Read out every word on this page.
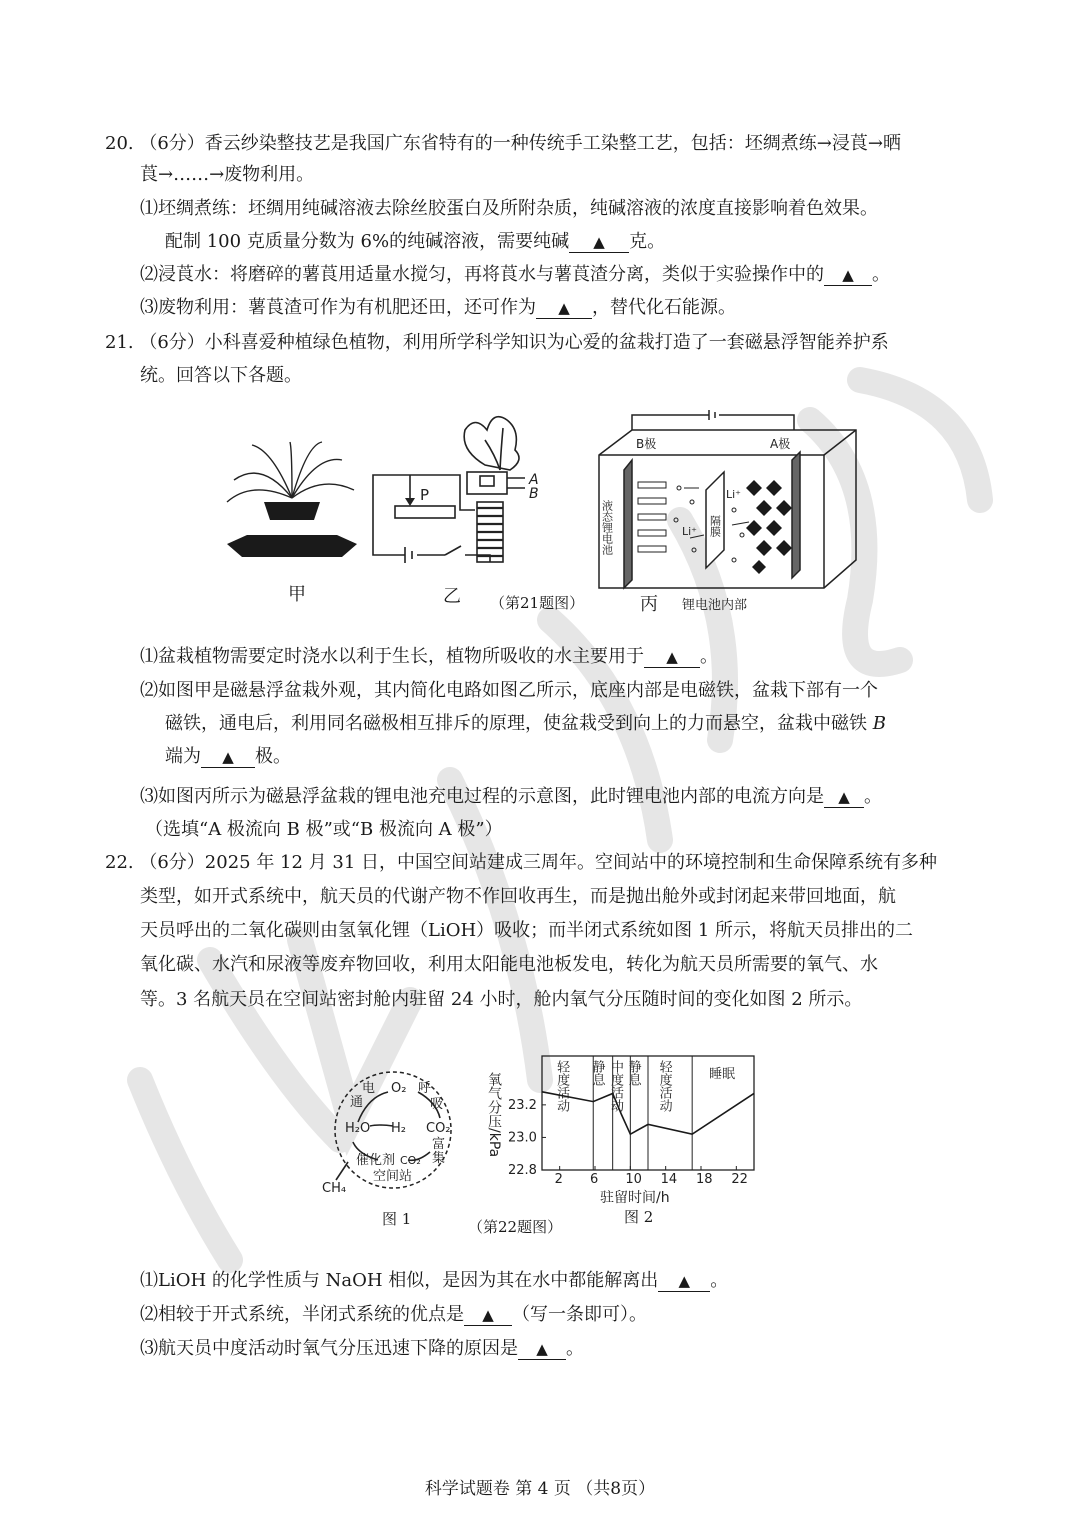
20. （6分）香云纱染整技艺是我国广东省特有的一种传统手工染整工艺，包括：坯绸煮练→浸莨→晒
莨→……→废物利用。
⑴坯绸煮练：坯绸用纯碱溶液去除丝胶蛋白及所附杂质，纯碱溶液的浓度直接影响着色效果。
配制 100 克质量分数为 6%的纯碱溶液，需要纯碱 ▲ 克。
⑵浸莨水：将磨碎的薯莨用适量水搅匀，再将莨水与薯莨渣分离，类似于实验操作中的 ▲ 。
⑶废物利用：薯莨渣可作为有机肥还田，还可作为 ▲ ，替代化石能源。
21. （6分）小科喜爱种植绿色植物，利用所学科学知识为心爱的盆栽打造了一套磁悬浮智能养护系
统。回答以下各题。
甲
P
A
B
乙 （第21题图）
B极	A极
液态锂电池	隔膜
Li⁺
Li⁺
丙 锂电池内部
⑴盆栽植物需要定时浇水以利于生长，植物所吸收的水主要用于 ▲ 。
⑵如图甲是磁悬浮盆栽外观，其内简化电路如图乙所示，底座内部是电磁铁，盆栽下部有一个
磁铁，通电后，利用同名磁极相互排斥的原理，使盆栽受到向上的力而悬空，盆栽中磁铁 B
端为 ▲ 极。
⑶如图丙所示为磁悬浮盆栽的锂电池充电过程的示意图，此时锂电池内部的电流方向是 ▲ 。
（选填“A 极流向 B 极”或“B 极流向 A 极”）
22. （6分）2025 年 12 月 31 日，中国空间站建成三周年。空间站中的环境控制和生命保障系统有多种
类型，如开式系统中，航天员的代谢产物不作回收再生，而是抛出舱外或封闭起来带回地面，航
天员呼出的二氧化碳则由氢氧化锂（LiOH）吸收；而半闭式系统如图 1 所示，将航天员排出的二
氧化碳、水汽和尿液等废弃物回收，利用太阳能电池板发电，转化为航天员所需要的氧气、水
等。3 名航天员在空间站密封舱内驻留 24 小时，舱内氧气分压随时间的变化如图 2 所示。
电
通
O₂ 呼
吸
H₂O H₂ CO₂
富
集
催化剂 CO₂
空间站
CH₄
图 1	（第22题图）
氧气分压/kPa
驻留时间/h
轻度活动 静息 中度活动 静息 轻度活动	睡眠
2 6 10 14 18 22
22.8
23.0
23.2
图 2
⑴LiOH 的化学性质与 NaOH 相似，是因为其在水中都能解离出 ▲ 。
⑵相较于开式系统，半闭式系统的优点是 ▲ （写一条即可）。
⑶航天员中度活动时氧气分压迅速下降的原因是 ▲ 。
科学试题卷 第 4 页 （共8页）
